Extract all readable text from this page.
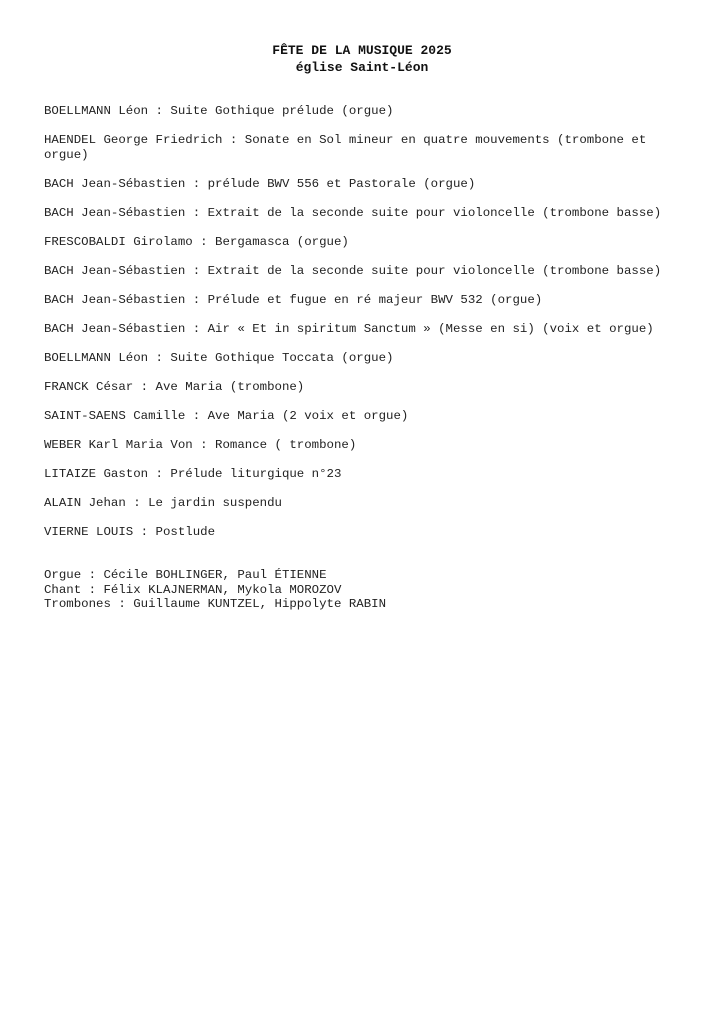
FÊTE DE LA MUSIQUE 2025
église Saint-Léon
BOELLMANN Léon : Suite Gothique prélude (orgue)
HAENDEL George Friedrich : Sonate en Sol mineur en quatre mouvements (trombone et orgue)
BACH Jean-Sébastien : prélude BWV 556 et Pastorale (orgue)
BACH Jean-Sébastien : Extrait de la seconde suite pour violoncelle (trombone basse)
FRESCOBALDI Girolamo : Bergamasca (orgue)
BACH Jean-Sébastien : Extrait de la seconde suite pour violoncelle (trombone basse)
BACH Jean-Sébastien : Prélude et fugue en ré majeur BWV 532 (orgue)
BACH Jean-Sébastien : Air « Et in spiritum Sanctum » (Messe en si) (voix et orgue)
BOELLMANN Léon : Suite Gothique Toccata (orgue)
FRANCK César : Ave Maria (trombone)
SAINT-SAENS Camille : Ave Maria (2 voix et orgue)
WEBER Karl Maria Von : Romance ( trombone)
LITAIZE Gaston : Prélude liturgique n°23
ALAIN Jehan : Le jardin suspendu
VIERNE LOUIS : Postlude
Orgue : Cécile BOHLINGER, Paul ÉTIENNE
Chant : Félix KLAJNERMAN, Mykola MOROZOV
Trombones : Guillaume KUNTZEL, Hippolyte RABIN
